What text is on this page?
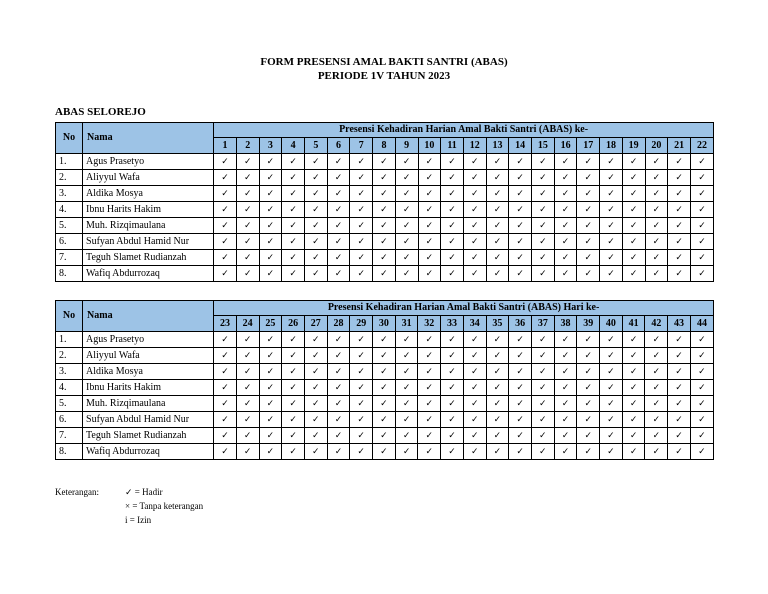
FORM PRESENSI AMAL BAKTI SANTRI (ABAS)
PERIODE 1V TAHUN 2023
ABAS SELOREJO
No	Nama	Presensi Kehadiran Harian Amal Bakti Santri (ABAS) ke-																					
		1	2	3	4	5	6	7	8	9	10	11	12	13	14	15	16	17	18	19	20	21	22
1.	Agus Prasetyo	✓	✓	✓	✓	✓	✓	✓	✓	✓	✓	✓	✓	✓	✓	✓	✓	✓	✓	✓	✓	✓	✓
2.	Aliyyul Wafa	✓	✓	✓	✓	✓	✓	✓	✓	✓	✓	✓	✓	✓	✓	✓	✓	✓	✓	✓	✓	✓	✓
3.	Aldika Mosya	✓	✓	✓	✓	✓	✓	✓	✓	✓	✓	✓	✓	✓	✓	✓	✓	✓	✓	✓	✓	✓	✓
4.	Ibnu Harits Hakim	✓	✓	✓	✓	✓	✓	✓	✓	✓	✓	✓	✓	✓	✓	✓	✓	✓	✓	✓	✓	✓	✓
5.	Muh. Rizqimaulana	✓	✓	✓	✓	✓	✓	✓	✓	✓	✓	✓	✓	✓	✓	✓	✓	✓	✓	✓	✓	✓	✓
6.	Sufyan Abdul Hamid Nur	✓	✓	✓	✓	✓	✓	✓	✓	✓	✓	✓	✓	✓	✓	✓	✓	✓	✓	✓	✓	✓	✓
7.	Teguh Slamet Rudianzah	✓	✓	✓	✓	✓	✓	✓	✓	✓	✓	✓	✓	✓	✓	✓	✓	✓	✓	✓	✓	✓	✓
8.	Wafiq Abdurrozaq	✓	✓	✓	✓	✓	✓	✓	✓	✓	✓	✓	✓	✓	✓	✓	✓	✓	✓	✓	✓	✓	✓
No	Nama	Presensi Kehadiran Harian Amal Bakti Santri (ABAS) Hari ke-																					
		23	24	25	26	27	28	29	30	31	32	33	34	35	36	37	38	39	40	41	42	43	44
1.	Agus Prasetyo	✓	✓	✓	✓	✓	✓	✓	✓	✓	✓	✓	✓	✓	✓	✓	✓	✓	✓	✓	✓	✓	✓
2.	Aliyyul Wafa	✓	✓	✓	✓	✓	✓	✓	✓	✓	✓	✓	✓	✓	✓	✓	✓	✓	✓	✓	✓	✓	✓
3.	Aldika Mosya	✓	✓	✓	✓	✓	✓	✓	✓	✓	✓	✓	✓	✓	✓	✓	✓	✓	✓	✓	✓	✓	✓
4.	Ibnu Harits Hakim	✓	✓	✓	✓	✓	✓	✓	✓	✓	✓	✓	✓	✓	✓	✓	✓	✓	✓	✓	✓	✓	✓
5.	Muh. Rizqimaulana	✓	✓	✓	✓	✓	✓	✓	✓	✓	✓	✓	✓	✓	✓	✓	✓	✓	✓	✓	✓	✓	✓
6.	Sufyan Abdul Hamid Nur	✓	✓	✓	✓	✓	✓	✓	✓	✓	✓	✓	✓	✓	✓	✓	✓	✓	✓	✓	✓	✓	✓
7.	Teguh Slamet Rudianzah	✓	✓	✓	✓	✓	✓	✓	✓	✓	✓	✓	✓	✓	✓	✓	✓	✓	✓	✓	✓	✓	✓
8.	Wafiq Abdurrozaq	✓	✓	✓	✓	✓	✓	✓	✓	✓	✓	✓	✓	✓	✓	✓	✓	✓	✓	✓	✓	✓	✓
Keterangan:	✓ = Hadir
× = Tanpa keterangan
i = Izin
